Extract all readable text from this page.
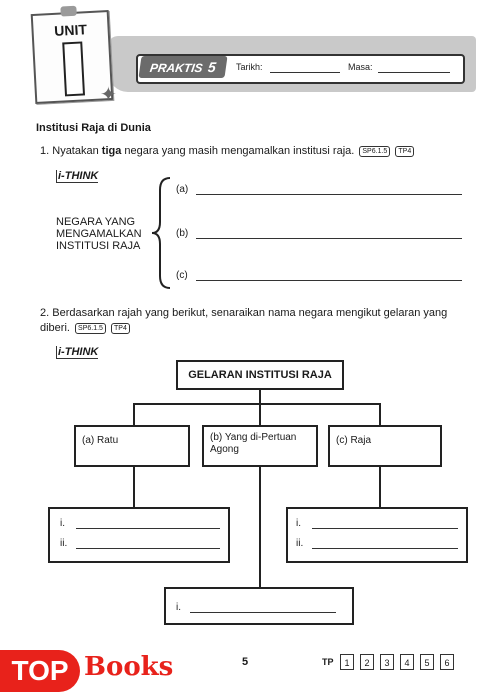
UNIT
✦
PRAKTIS 5	Tarikh:	Masa:
Institusi Raja di Dunia
1. Nyatakan tiga negara yang masih mengamalkan institusi raja. SP6.1.5 TP4
i-THINK
NEGARA YANG
MENGAMALKAN
INSTITUSI RAJA
(a)
(b)
(c)
2. Berdasarkan rajah yang berikut, senaraikan nama negara mengikut gelaran yang diberi. SP6.1.5 TP4
i-THINK
GELARAN INSTITUSI RAJA
(a) Ratu	(b) Yang di-Pertuan Agong
(c) Raja
i.
ii.
i.
ii.
i.
TOP Books	5	TP	1	2	3	4	5	6
